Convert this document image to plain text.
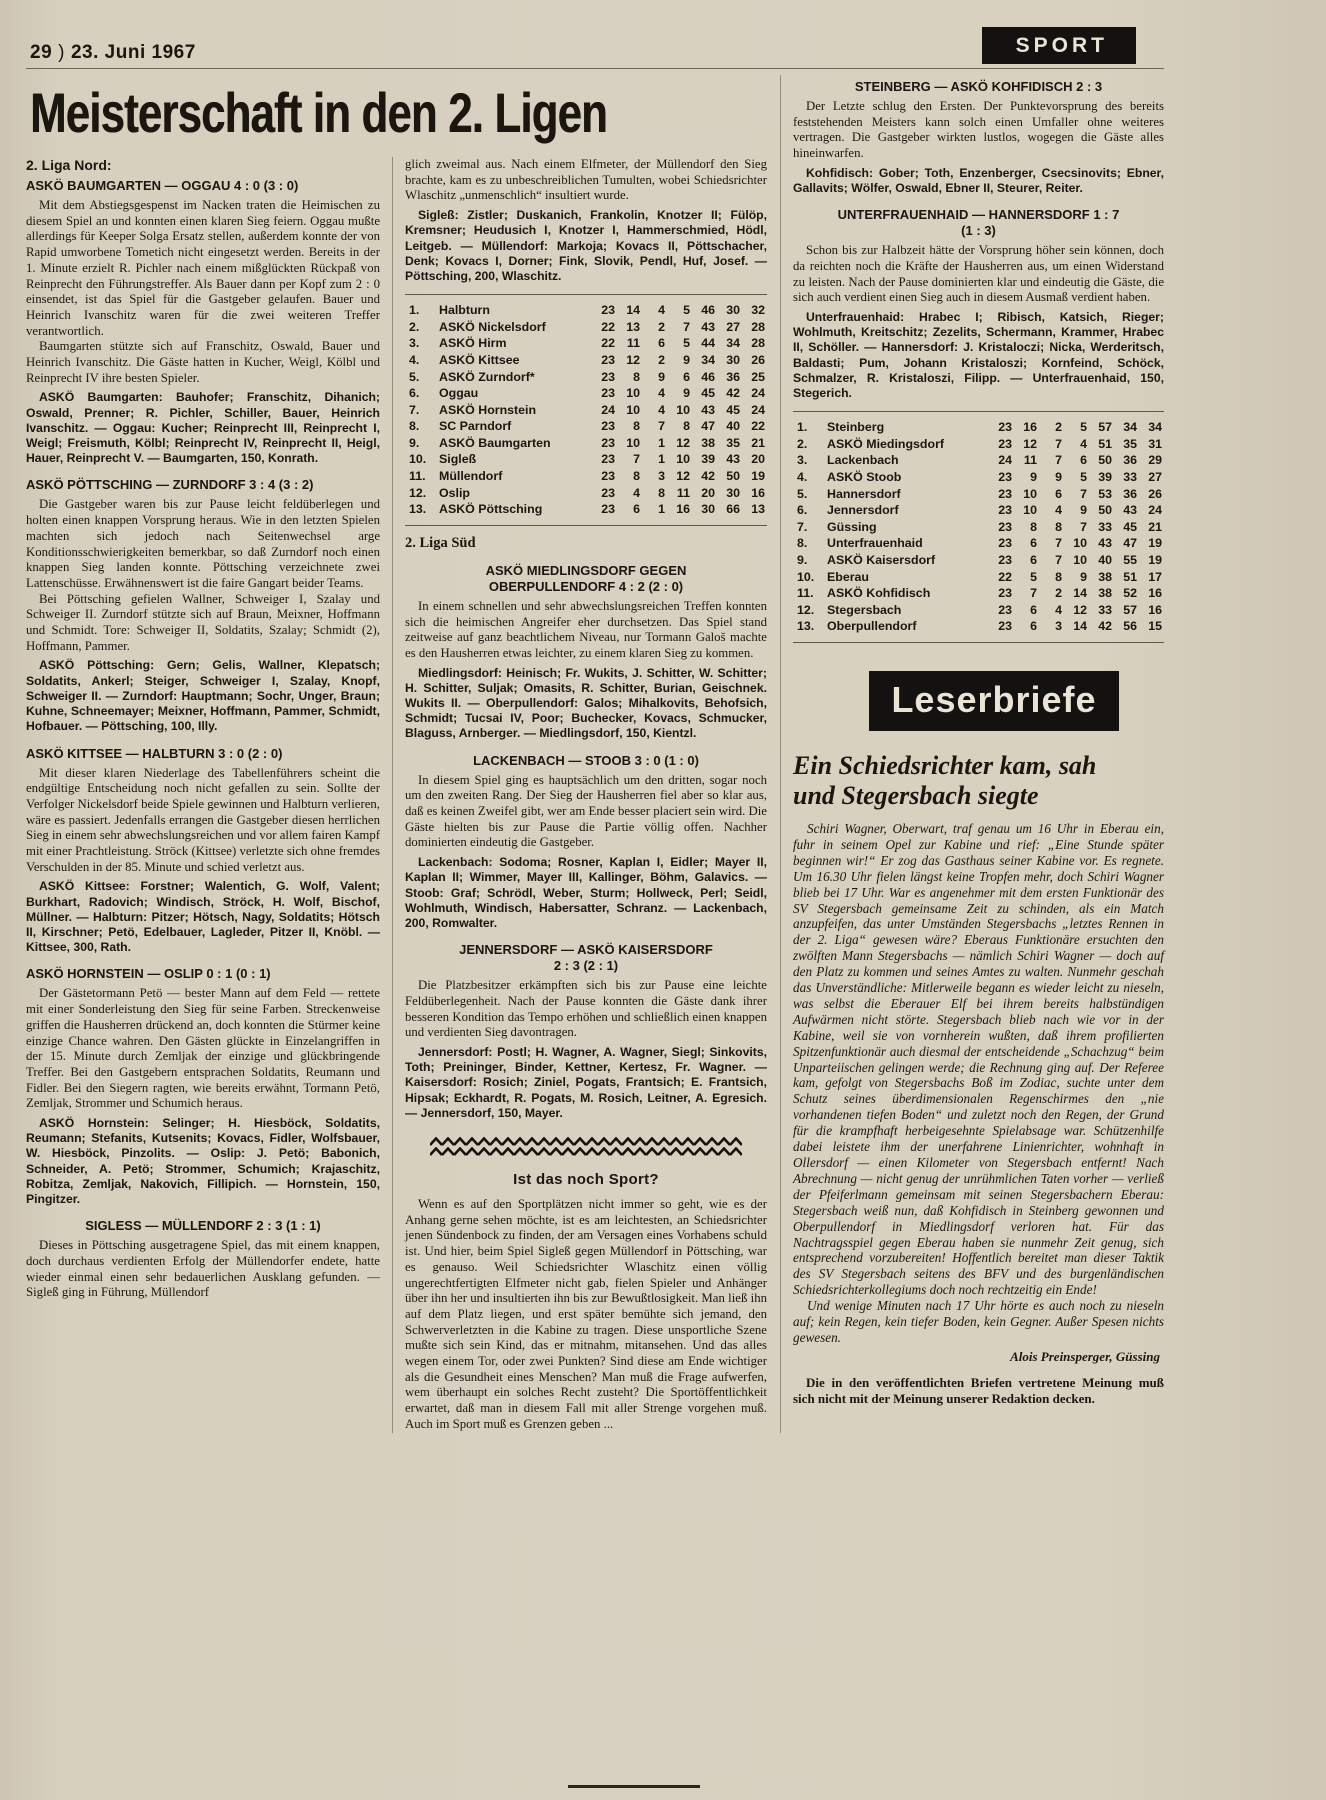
29 ) 23. Juni 1967	SPORT
Meisterschaft in den 2. Ligen
2. Liga Nord:
ASKÖ BAUMGARTEN — OGGAU 4 : 0 (3 : 0)

Mit dem Abstiegsgespenst im Nacken traten die Heimischen zu diesem Spiel an und konnten einen klaren Sieg feiern. Oggau mußte allerdings für Keeper Solga Ersatz stellen, außerdem konnte der von Rapid umworbene Tometich nicht eingesetzt werden. Bereits in der 1. Minute erzielt R. Pichler nach einem mißglückten Rückpaß von Reinprecht den Führungstreffer. Als Bauer dann per Kopf zum 2 : 0 einsendet, ist das Spiel für die Gastgeber gelaufen. Bauer und Heinrich Ivanschitz waren für die zwei weiteren Treffer verantwortlich.

Baumgarten stützte sich auf Franschitz, Oswald, Bauer und Heinrich Ivanschitz. Die Gäste hatten in Kucher, Weigl, Kölbl und Reinprecht IV ihre besten Spieler.

ASKÖ Baumgarten: Bauhofer; Franschitz, Dihanich; Oswald, Prenner; R. Pichler, Schiller, Bauer, Heinrich Ivanschitz. — Oggau: Kucher; Reinprecht III, Reinprecht I, Weigl; Freismuth, Kölbl; Reinprecht IV, Reinprecht II, Heigl, Hauer, Reinprecht V. — Baumgarten, 150, Konrath.

ASKÖ PÖTTSCHING — ZURNDORF 3 : 4 (3 : 2)

Die Gastgeber waren bis zur Pause leicht feldüberlegen und holten einen knappen Vorsprung heraus. Wie in den letzten Spielen machten sich jedoch nach Seitenwechsel arge Konditionsschwierigkeiten bemerkbar, so daß Zurndorf noch einen knappen Sieg landen konnte. Pöttsching verzeichnete zwei Lattenschüsse. Erwähnenswert ist die faire Gangart beider Teams.

Bei Pöttsching gefielen Wallner, Schweiger I, Szalay und Schweiger II. Zurndorf stützte sich auf Braun, Meixner, Hoffmann und Schmidt. Tore: Schweiger II, Soldatits, Szalay; Schmidt (2), Hoffmann, Pammer.

ASKÖ Pöttsching: Gern; Gelis, Wallner, Klepatsch; Soldatits, Ankerl; Steiger, Schweiger I, Szalay, Knopf, Schweiger II. — Zurndorf: Hauptmann; Sochr, Unger, Braun; Kuhne, Schneemayer; Meixner, Hoffmann, Pammer, Schmidt, Hofbauer. — Pöttsching, 100, Illy.

ASKÖ KITTSEE — HALBTURN 3 : 0 (2 : 0)

Mit dieser klaren Niederlage des Tabellenführers scheint die endgültige Entscheidung noch nicht gefallen zu sein. Sollte der Verfolger Nickelsdorf beide Spiele gewinnen und Halbturn verlieren, wäre es passiert. Jedenfalls errangen die Gastgeber diesen herrlichen Sieg in einem sehr abwechslungsreichen und vor allem fairen Kampf mit einer Prachtleistung. Ströck (Kittsee) verletzte sich ohne fremdes Verschulden in der 85. Minute und schied verletzt aus.

ASKÖ Kittsee: Forstner; Walentich, G. Wolf, Valent; Burkhart, Radovich; Windisch, Ströck, H. Wolf, Bischof, Müllner. — Halbturn: Pitzer; Hötsch, Nagy, Soldatits; Hötsch II, Kirschner; Petö, Edelbauer, Lagleder, Pitzer II, Knöbl. — Kittsee, 300, Rath.

ASKÖ HORNSTEIN — OSLIP 0 : 1 (0 : 1)

Der Gästetormann Petö — bester Mann auf dem Feld — rettete mit einer Sonderleistung den Sieg für seine Farben. Streckenweise griffen die Hausherren drückend an, doch konnten die Stürmer keine einzige Chance wahren. Den Gästen glückte in Einzelangriffen in der 15. Minute durch Zemljak der einzige und glückbringende Treffer. Bei den Gastgebern entsprachen Soldatits, Reumann und Fidler. Bei den Siegern ragten, wie bereits erwähnt, Tormann Petö, Zemljak, Strommer und Schumich heraus.

ASKÖ Hornstein: Selinger; H. Hiesböck, Soldatits, Reumann; Stefanits, Kutsenits; Kovacs, Fidler, Wolfsbauer, W. Hiesböck, Pinzolits. — Oslip: J. Petö; Babonich, Schneider, A. Petö; Strommer, Schumich; Krajaschitz, Robitza, Zemljak, Nakovich, Fillipich. — Hornstein, 150, Pingitzer.

SIGLESS — MÜLLENDORF 2 : 3 (1 : 1)

Dieses in Pöttsching ausgetragene Spiel, das mit einem knappen, doch durchaus verdienten Erfolg der Müllendorfer endete, hatte wieder einmal einen sehr bedauerlichen Ausklang gefunden. — Sigleß ging in Führung, Müllendorf

glich zweimal aus. Nach einem Elfmeter, der Müllendorf den Sieg brachte, kam es zu unbeschreiblichen Tumulten, wobei Schiedsrichter Wlaschitz „unmenschlich“ insultiert wurde.

Sigleß: Zistler; Duskanich, Frankolin, Knotzer II; Fülöp, Kremsner; Heudusich I, Knotzer I, Hammerschmied, Hödl, Leitgeb. — Müllendorf: Markoja; Kovacs II, Pöttschacher, Denk; Kovacs I, Dorner; Fink, Slovik, Pendl, Huf, Josef. — Pöttsching, 200, Wlaschitz.

1.	Halbturn	23 14	4	5 46 30 32
2.	ASKÖ Nickelsdorf	22 13	2	7 43 27 28
3.	ASKÖ Hirm	22 11	6	5 44 34 28
4.	ASKÖ Kittsee	23 12	2	9 34 30 26
5.	ASKÖ Zurndorf*	23	8	9	6 46 36 25
6.	Oggau	23 10	4	9 45 42 24
7.	ASKÖ Hornstein	24 10	4 10 43 45 24
8.	SC Parndorf	23	8	7	8 47 40 22
9.	ASKÖ Baumgarten	23 10	1 12 38 35 21
10.	Sigleß	23	7	1 10 39 43 20
11.	Müllendorf	23	8	3 12 42 50 19
12.	Oslip	23	4	8 11 20 30 16
13.	ASKÖ Pöttsching	23	6	1 16 30 66 13
2. Liga Süd
ASKÖ MIEDLINGSDORF GEGEN
OBERPULLENDORF 4 : 2 (2 : 0)

In einem schnellen und sehr abwechslungsreichen Treffen konnten sich die heimischen Angreifer eher durchsetzen. Das Spiel stand zeitweise auf ganz beachtlichem Niveau, nur Tormann Galoš machte es den Hausherren etwas leichter, zu einem klaren Sieg zu kommen.

Miedlingsdorf: Heinisch; Fr. Wukits, J. Schitter, W. Schitter; H. Schitter, Suljak; Omasits, R. Schitter, Burian, Geischnek. Wukits II. — Oberpullendorf: Galos; Mihalkovits, Behofsich, Schmidt; Tucsai IV, Poor; Buchecker, Kovacs, Schmucker, Blaguss, Arnberger. — Miedlingsdorf, 150, Kientzl.

LACKENBACH — STOOB 3 : 0 (1 : 0)

In diesem Spiel ging es hauptsächlich um den dritten, sogar noch um den zweiten Rang. Der Sieg der Hausherren fiel aber so klar aus, daß es keinen Zweifel gibt, wer am Ende besser placiert sein wird. Die Gäste hielten bis zur Pause die Partie völlig offen. Nachher dominierten eindeutig die Gastgeber.

Lackenbach: Sodoma; Rosner, Kaplan I, Eidler; Mayer II, Kaplan II; Wimmer, Mayer III, Kallinger, Böhm, Galavics. — Stoob: Graf; Schrödl, Weber, Sturm; Hollweck, Perl; Seidl, Wohlmuth, Windisch, Habersatter, Schranz. — Lackenbach, 200, Romwalter.

JENNERSDORF — ASKÖ KAISERSDORF
2 : 3 (2 : 1)

Die Platzbesitzer erkämpften sich bis zur Pause eine leichte Feldüberlegenheit. Nach der Pause konnten die Gäste dank ihrer besseren Kondition das Tempo erhöhen und schließlich einen knappen und verdienten Sieg davontragen.

Jennersdorf: Postl; H. Wagner, A. Wagner, Siegl; Sinkovits, Toth; Preininger, Binder, Kettner, Kertesz, Fr. Wagner. — Kaisersdorf: Rosich; Ziniel, Pogats, Frantsich; E. Frantsich, Hipsak; Eckhardt, R. Pogats, M. Rosich, Leitner, A. Egresich. — Jennersdorf, 150, Mayer.

Ist das noch Sport?

Wenn es auf den Sportplätzen nicht immer so geht, wie es der Anhang gerne sehen möchte, ist es am leichtesten, an Schiedsrichter jenen Sündenbock zu finden, der am Versagen eines Vorhabens schuld ist. Und hier, beim Spiel Sigleß gegen Müllendorf in Pöttsching, war es genauso. Weil Schiedsrichter Wlaschitz einen völlig ungerechtfertigten Elfmeter nicht gab, fielen Spieler und Anhänger über ihn her und insultierten ihn bis zur Bewußtlosigkeit. Man ließ ihn auf dem Platz liegen, und erst später bemühte sich jemand, den Schwerverletzten in die Kabine zu tragen. Diese unsportliche Szene mußte sich sein Kind, das er mitnahm, mitansehen. Und das alles wegen einem Tor, oder zwei Punkten? Sind diese am Ende wichtiger als die Gesundheit eines Menschen? Man muß die Frage aufwerfen, wem überhaupt ein solches Recht zusteht? Die Sportöffentlichkeit erwartet, daß man in diesem Fall mit aller Strenge vorgehen muß. Auch im Sport muß es Grenzen geben ...

STEINBERG — ASKÖ KOHFIDISCH 2 : 3

Der Letzte schlug den Ersten. Der Punktevorsprung des bereits feststehenden Meisters kann solch einen Umfaller ohne weiteres vertragen. Die Gastgeber wirkten lustlos, wogegen die Gäste alles hineinwarfen.

Kohfidisch: Gober; Toth, Enzenberger, Csecsinovits; Ebner, Gallavits; Wölfer, Oswald, Ebner II, Steurer, Reiter.

UNTERFRAUENHAID — HANNERSDORF 1 : 7
(1 : 3)

Schon bis zur Halbzeit hätte der Vorsprung höher sein können, doch da reichten noch die Kräfte der Hausherren aus, um einen Widerstand zu leisten. Nach der Pause dominierten klar und eindeutig die Gäste, die sich auch verdient einen Sieg auch in diesem Ausmaß verdient haben.

Unterfrauenhaid: Hrabec I; Ribisch, Katsich, Rieger; Wohlmuth, Kreitschitz; Zezelits, Schermann, Krammer, Hrabec II, Schöller. — Hannersdorf: J. Kristaloczi; Nicka, Werderitsch, Baldasti; Pum, Johann Kristaloszi; Kornfeind, Schöck, Schmalzer, R. Kristaloszi, Filipp. — Unterfrauenhaid, 150, Stegerich.

1.	Steinberg	23 16	2	5 57 34 34
2.	ASKÖ Miedingsdorf	23 12	7	4 51 35 31
3.	Lackenbach	24 11	7	6 50 36 29
4.	ASKÖ Stoob	23	9	9	5 39 33 27
5.	Hannersdorf	23 10	6	7 53 36 26
6.	Jennersdorf	23 10	4	9 50 43 24
7.	Güssing	23	8	8	7 33 45 21
8.	Unterfrauenhaid	23	6	7 10 43 47 19
9.	ASKÖ Kaisersdorf	23	6	7 10 40 55 19
10.	Eberau	22	5	8	9 38 51 17
11.	ASKÖ Kohfidisch	23	7	2 14 38 52 16
12.	Stegersbach	23	6	4 12 33 57 16
13.	Oberpullendorf	23	6	3 14 42 56 15
Leserbriefe
Ein Schiedsrichter kam, sah
und Stegersbach siegte

Schiri Wagner, Oberwart, traf genau um 16 Uhr in Eberau ein, fuhr in seinem Opel zur Kabine und rief: „Eine Stunde später beginnen wir!“ Er zog das Gasthaus seiner Kabine vor. Es regnete. Um 16.30 Uhr fielen längst keine Tropfen mehr, doch Schiri Wagner blieb bei 17 Uhr. War es angenehmer mit dem ersten Funktionär des SV Stegersbach gemeinsame Zeit zu schinden, als ein Match anzupfeifen, das unter Umständen Stegersbachs „letztes Rennen in der 2. Liga“ gewesen wäre? Eberaus Funktionäre ersuchten den zwölften Mann Stegersbachs — nämlich Schiri Wagner — doch auf den Platz zu kommen und seines Amtes zu walten. Nunmehr geschah das Unverständliche: Mitlerweile begann es wieder leicht zu nieseln, was selbst die Eberauer Elf bei ihrem bereits halbstündigen Aufwärmen nicht störte. Stegersbach blieb nach wie vor in der Kabine, weil sie von vornherein wußten, daß ihrem profilierten Spitzenfunktionär auch diesmal der entscheidende „Schachzug“ beim Unparteiischen gelingen werde; die Rechnung ging auf. Der Referee kam, gefolgt von Stegersbachs Boß im Zodiac, suchte unter dem Schutz seines überdimensionalen Regenschirmes den „nie vorhandenen tiefen Boden“ und zuletzt noch den Regen, der Grund für die krampfhaft herbeigesehnte Spielabsage war. Schützenhilfe dabei leistete ihm der unerfahrene Linienrichter, wohnhaft in Ollersdorf — einen Kilometer von Stegersbach entfernt! Nach Abrechnung — nicht genug der unrühmlichen Taten vorher — verließ der Pfeiferlmann gemeinsam mit seinen Stegersbachern Eberau: Stegersbach weiß nun, daß Kohfidisch in Steinberg gewonnen und Oberpullendorf in Miedlingsdorf verloren hat. Für das Nachtragsspiel gegen Eberau haben sie nunmehr Zeit genug, sich entsprechend vorzubereiten! Hoffentlich bereitet man dieser Taktik des SV Stegersbach seitens des BFV und des burgenländischen Schiedsrichterkollegiums doch noch rechtzeitig ein Ende!

Und wenige Minuten nach 17 Uhr hörte es auch noch zu nieseln auf; kein Regen, kein tiefer Boden, kein Gegner. Außer Spesen nichts gewesen.

Alois Preinsperger, Güssing

Die in den veröffentlichten Briefen vertretene Meinung muß sich nicht mit der Meinung unserer Redaktion decken.
